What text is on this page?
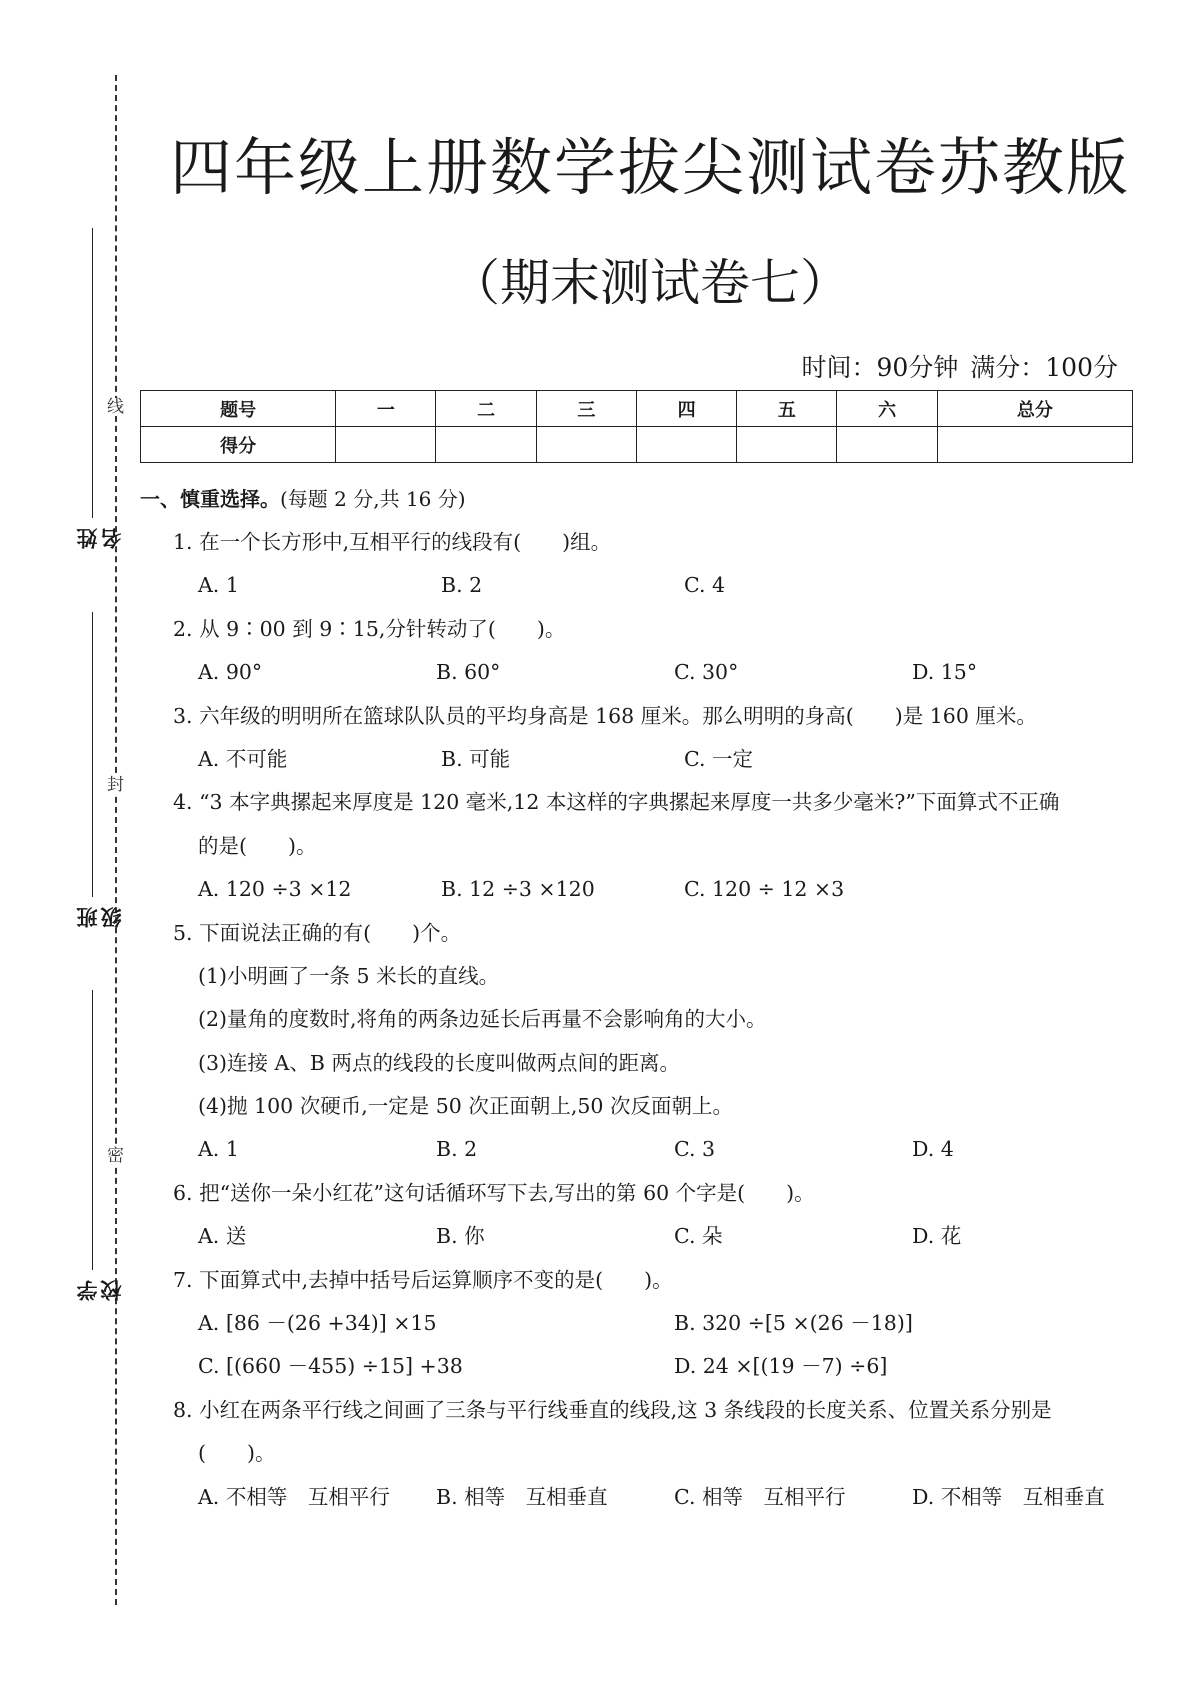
线
封
密
姓名
班级
学校
四年级上册数学拔尖测试卷苏教版
（期末测试卷七）
时间：90分钟 满分：100分
题号	一	二	三	四	五	六	总分
得分							
一、慎重选择。(每题 2 分,共 16 分)
1. 在一个长方形中,互相平行的线段有(　　)组。
A. 1	B. 2	C. 4
2. 从 9∶00 到 9∶15,分针转动了(　　)。
A. 90°	B. 60°	C. 30°	D. 15°
3. 六年级的明明所在篮球队队员的平均身高是 168 厘米。那么明明的身高(　　)是 160 厘米。
A. 不可能	B. 可能	C. 一定
4. “3 本字典摞起来厚度是 120 毫米,12 本这样的字典摞起来厚度一共多少毫米?”下面算式不正确
的是(　　)。
A. 120 ÷3 ×12	B. 12 ÷3 ×120	C. 120 ÷ 12 ×3
5. 下面说法正确的有(　　)个。
(1)小明画了一条 5 米长的直线。
(2)量角的度数时,将角的两条边延长后再量不会影响角的大小。
(3)连接 A、B 两点的线段的长度叫做两点间的距离。
(4)抛 100 次硬币,一定是 50 次正面朝上,50 次反面朝上。
A. 1	B. 2	C. 3	D. 4
6. 把“送你一朵小红花”这句话循环写下去,写出的第 60 个字是(　　)。
A. 送	B. 你	C. 朵	D. 花
7. 下面算式中,去掉中括号后运算顺序不变的是(　　)。
A. [86 －(26 +34)] ×15	B. 320 ÷[5 ×(26 －18)]
C. [(660 －455) ÷15] +38	D. 24 ×[(19 －7) ÷6]
8. 小红在两条平行线之间画了三条与平行线垂直的线段,这 3 条线段的长度关系、位置关系分别是
(　　)。
A. 不相等　互相平行	B. 相等　互相垂直	C. 相等　互相平行	D. 不相等　互相垂直
